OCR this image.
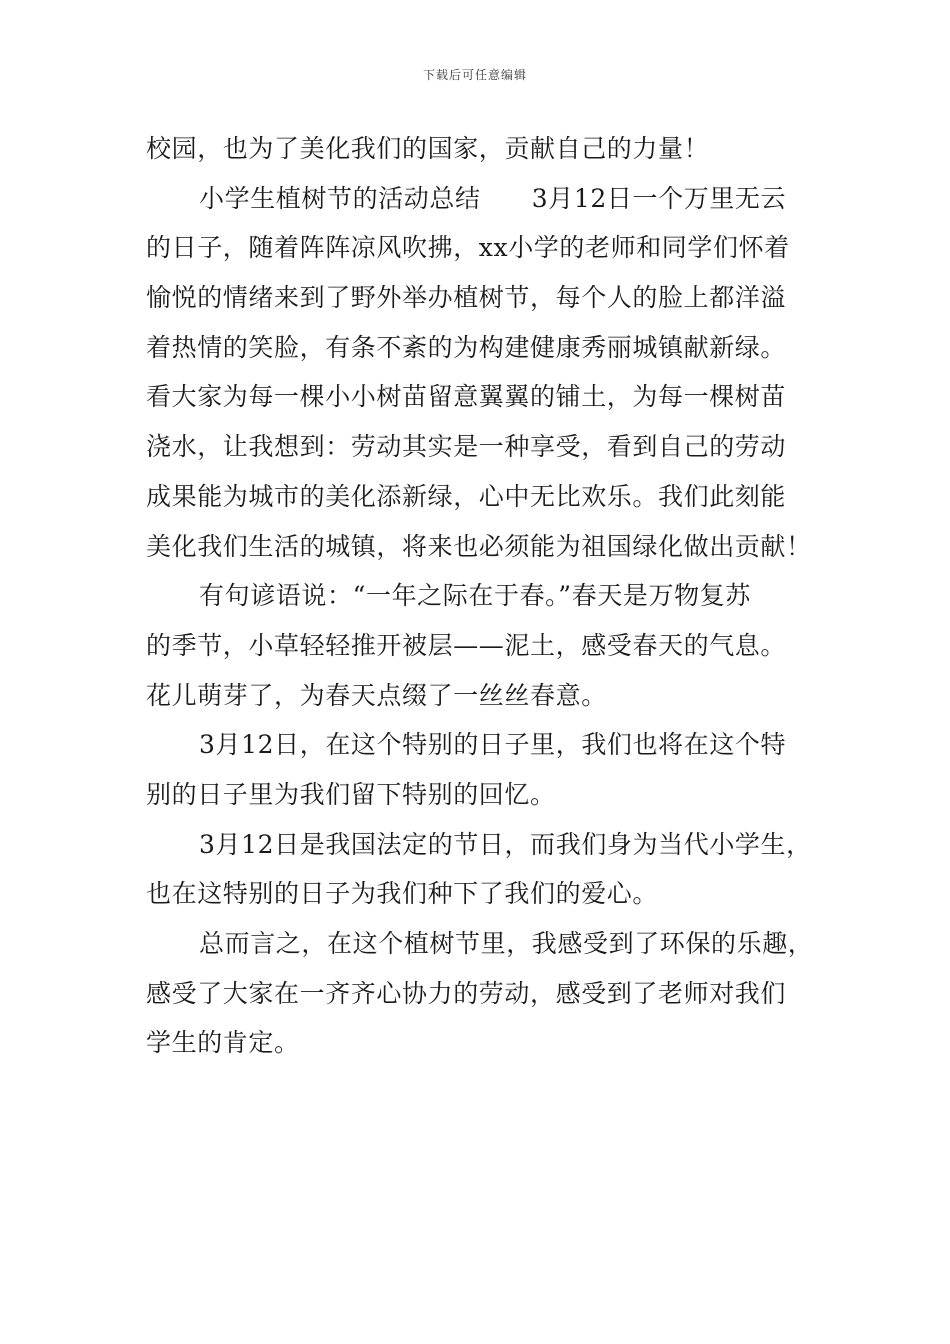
下载后可任意编辑
校园，也为了美化我们的国家，贡献自己的力量！
小学生植树节的活动总结　　3月12日一个万里无云
的日子，随着阵阵凉风吹拂，xx小学的老师和同学们怀着
愉悦的情绪来到了野外举办植树节，每个人的脸上都洋溢
着热情的笑脸，有条不紊的为构建健康秀丽城镇献新绿。
看大家为每一棵小小树苗留意翼翼的铺土，为每一棵树苗
浇水，让我想到：劳动其实是一种享受，看到自己的劳动
成果能为城市的美化添新绿，心中无比欢乐。我们此刻能
美化我们生活的城镇，将来也必须能为祖国绿化做出贡献！
有句谚语说：“一年之际在于春。”春天是万物复苏
的季节，小草轻轻推开被层——泥土，感受春天的气息。
花儿萌芽了，为春天点缀了一丝丝春意。
3月12日，在这个特别的日子里，我们也将在这个特
别的日子里为我们留下特别的回忆。
3月12日是我国法定的节日，而我们身为当代小学生，
也在这特别的日子为我们种下了我们的爱心。
总而言之，在这个植树节里，我感受到了环保的乐趣，
感受了大家在一齐齐心协力的劳动，感受到了老师对我们
学生的肯定。
